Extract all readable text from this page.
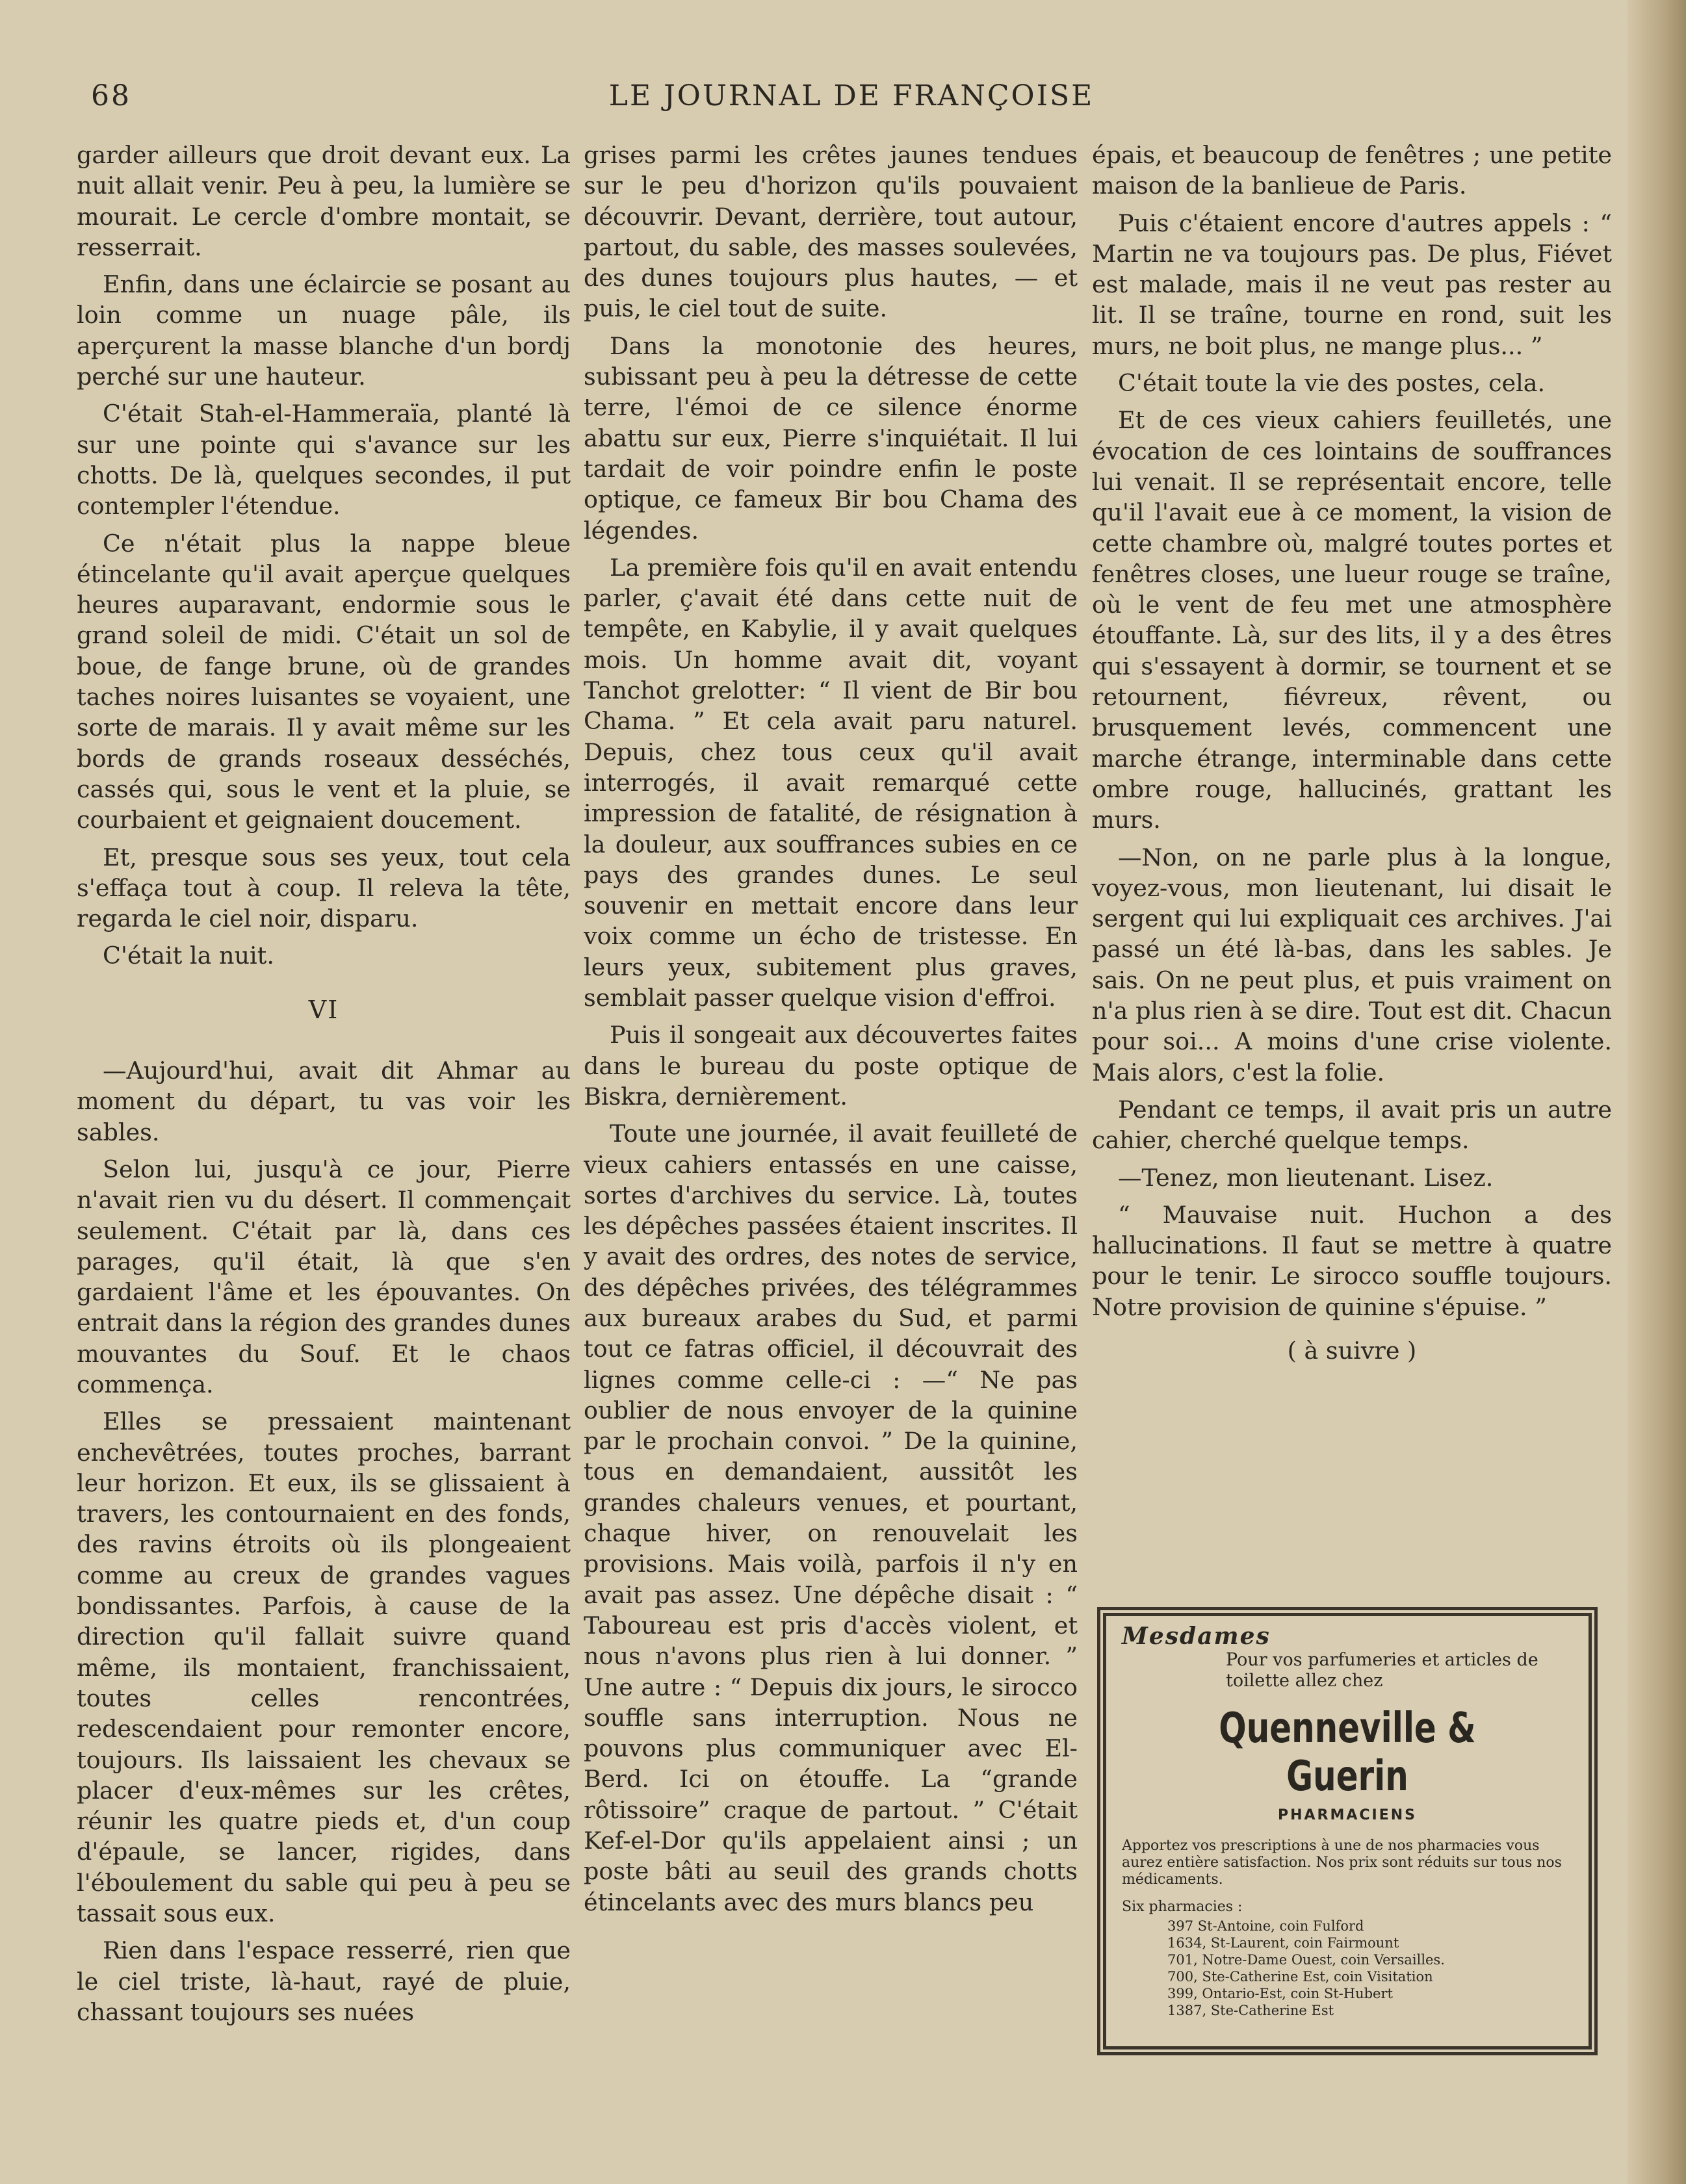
68	LE JOURNAL DE FRANÇOISE

garder ailleurs que droit devant eux. La nuit allait venir. Peu à peu, la lumière se mourait. Le cercle d'ombre montait, se resserrait.

Enfin, dans une éclaircie se posant au loin comme un nuage pâle, ils aperçurent la masse blanche d'un bordj perché sur une hauteur.

C'était Stah-el-Hammeraïa, planté là sur une pointe qui s'avance sur les chotts. De là, quelques secondes, il put contempler l'étendue.

Ce n'était plus la nappe bleue étincelante qu'il avait aperçue quelques heures auparavant, endormie sous le grand soleil de midi. C'était un sol de boue, de fange brune, où de grandes taches noires luisantes se voyaient, une sorte de marais. Il y avait même sur les bords de grands roseaux desséchés, cassés qui, sous le vent et la pluie, se courbaient et geignaient doucement.

Et, presque sous ses yeux, tout cela s'effaça tout à coup. Il releva la tête, regarda le ciel noir, disparu.

C'était la nuit.

VI

—Aujourd'hui, avait dit Ahmar au moment du départ, tu vas voir les sables.

Selon lui, jusqu'à ce jour, Pierre n'avait rien vu du désert. Il commençait seulement. C'était par là, dans ces parages, qu'il était, là que s'en gardaient l'âme et les épouvantes. On entrait dans la région des grandes dunes mouvantes du Souf. Et le chaos commença.

Elles se pressaient maintenant enchevêtrées, toutes proches, barrant leur horizon. Et eux, ils se glissaient à travers, les contournaient en des fonds, des ravins étroits où ils plongeaient comme au creux de grandes vagues bondissantes. Parfois, à cause de la direction qu'il fallait suivre quand même, ils montaient, franchissaient, toutes celles rencontrées, redescendaient pour remonter encore, toujours. Ils laissaient les chevaux se placer d'eux-mêmes sur les crêtes, réunir les quatre pieds et, d'un coup d'épaule, se lancer, rigides, dans l'éboulement du sable qui peu à peu se tassait sous eux.

Rien dans l'espace resserré, rien que le ciel triste, là-haut, rayé de pluie, chassant toujours ses nuées

grises parmi les crêtes jaunes tendues sur le peu d'horizon qu'ils pouvaient découvrir. Devant, derrière, tout autour, partout, du sable, des masses soulevées, des dunes toujours plus hautes, — et puis, le ciel tout de suite.

Dans la monotonie des heures, subissant peu à peu la détresse de cette terre, l'émoi de ce silence énorme abattu sur eux, Pierre s'inquiétait. Il lui tardait de voir poindre enfin le poste optique, ce fameux Bir bou Chama des légendes.

La première fois qu'il en avait entendu parler, ç'avait été dans cette nuit de tempête, en Kabylie, il y avait quelques mois. Un homme avait dit, voyant Tanchot grelotter: “ Il vient de Bir bou Chama. ” Et cela avait paru naturel. Depuis, chez tous ceux qu'il avait interrogés, il avait remarqué cette impression de fatalité, de résignation à la douleur, aux souffrances subies en ce pays des grandes dunes. Le seul souvenir en mettait encore dans leur voix comme un écho de tristesse. En leurs yeux, subitement plus graves, semblait passer quelque vision d'effroi.

Puis il songeait aux découvertes faites dans le bureau du poste optique de Biskra, dernièrement.

Toute une journée, il avait feuilleté de vieux cahiers entassés en une caisse, sortes d'archives du service. Là, toutes les dépêches passées étaient inscrites. Il y avait des ordres, des notes de service, des dépêches privées, des télégrammes aux bureaux arabes du Sud, et parmi tout ce fatras officiel, il découvrait des lignes comme celle-ci : —“ Ne pas oublier de nous envoyer de la quinine par le prochain convoi. ” De la quinine, tous en demandaient, aussitôt les grandes chaleurs venues, et pourtant, chaque hiver, on renouvelait les provisions. Mais voilà, parfois il n'y en avait pas assez. Une dépêche disait : “ Taboureau est pris d'accès violent, et nous n'avons plus rien à lui donner. ” Une autre : “ Depuis dix jours, le sirocco souffle sans interruption. Nous ne pouvons plus communiquer avec El-Berd. Ici on étouffe. La “grande rôtissoire” craque de partout. ” C'était Kef-el-Dor qu'ils appelaient ainsi ; un poste bâti au seuil des grands chotts étincelants avec des murs blancs peu

épais, et beaucoup de fenêtres ; une petite maison de la banlieue de Paris.

Puis c'étaient encore d'autres appels : “ Martin ne va toujours pas. De plus, Fiévet est malade, mais il ne veut pas rester au lit. Il se traîne, tourne en rond, suit les murs, ne boit plus, ne mange plus... ”

C'était toute la vie des postes, cela.

Et de ces vieux cahiers feuilletés, une évocation de ces lointains de souffrances lui venait. Il se représentait encore, telle qu'il l'avait eue à ce moment, la vision de cette chambre où, malgré toutes portes et fenêtres closes, une lueur rouge se traîne, où le vent de feu met une atmosphère étouffante. Là, sur des lits, il y a des êtres qui s'essayent à dormir, se tournent et se retournent, fiévreux, rêvent, ou brusquement levés, commencent une marche étrange, interminable dans cette ombre rouge, hallucinés, grattant les murs.

—Non, on ne parle plus à la longue, voyez-vous, mon lieutenant, lui disait le sergent qui lui expliquait ces archives. J'ai passé un été là-bas, dans les sables. Je sais. On ne peut plus, et puis vraiment on n'a plus rien à se dire. Tout est dit. Chacun pour soi... A moins d'une crise violente. Mais alors, c'est la folie.

Pendant ce temps, il avait pris un autre cahier, cherché quelque temps.

—Tenez, mon lieutenant. Lisez.

“ Mauvaise nuit. Huchon a des hallucinations. Il faut se mettre à quatre pour le tenir. Le sirocco souffle toujours. Notre provision de quinine s'épuise. ”

( à suivre )

Mesdames
Pour vos parfumeries et articles de toilette allez chez
Quenneville & Guerin
PHARMACIENS
Apportez vos prescriptions à une de nos pharmacies vous aurez entière satisfaction. Nos prix sont réduits sur tous nos médicaments.
Six pharmacies :
397 St-Antoine, coin Fulford
1634, St-Laurent, coin Fairmount
701, Notre-Dame Ouest, coin Versailles.
700, Ste-Catherine Est, coin Visitation
399, Ontario-Est, coin St-Hubert
1387, Ste-Catherine Est
